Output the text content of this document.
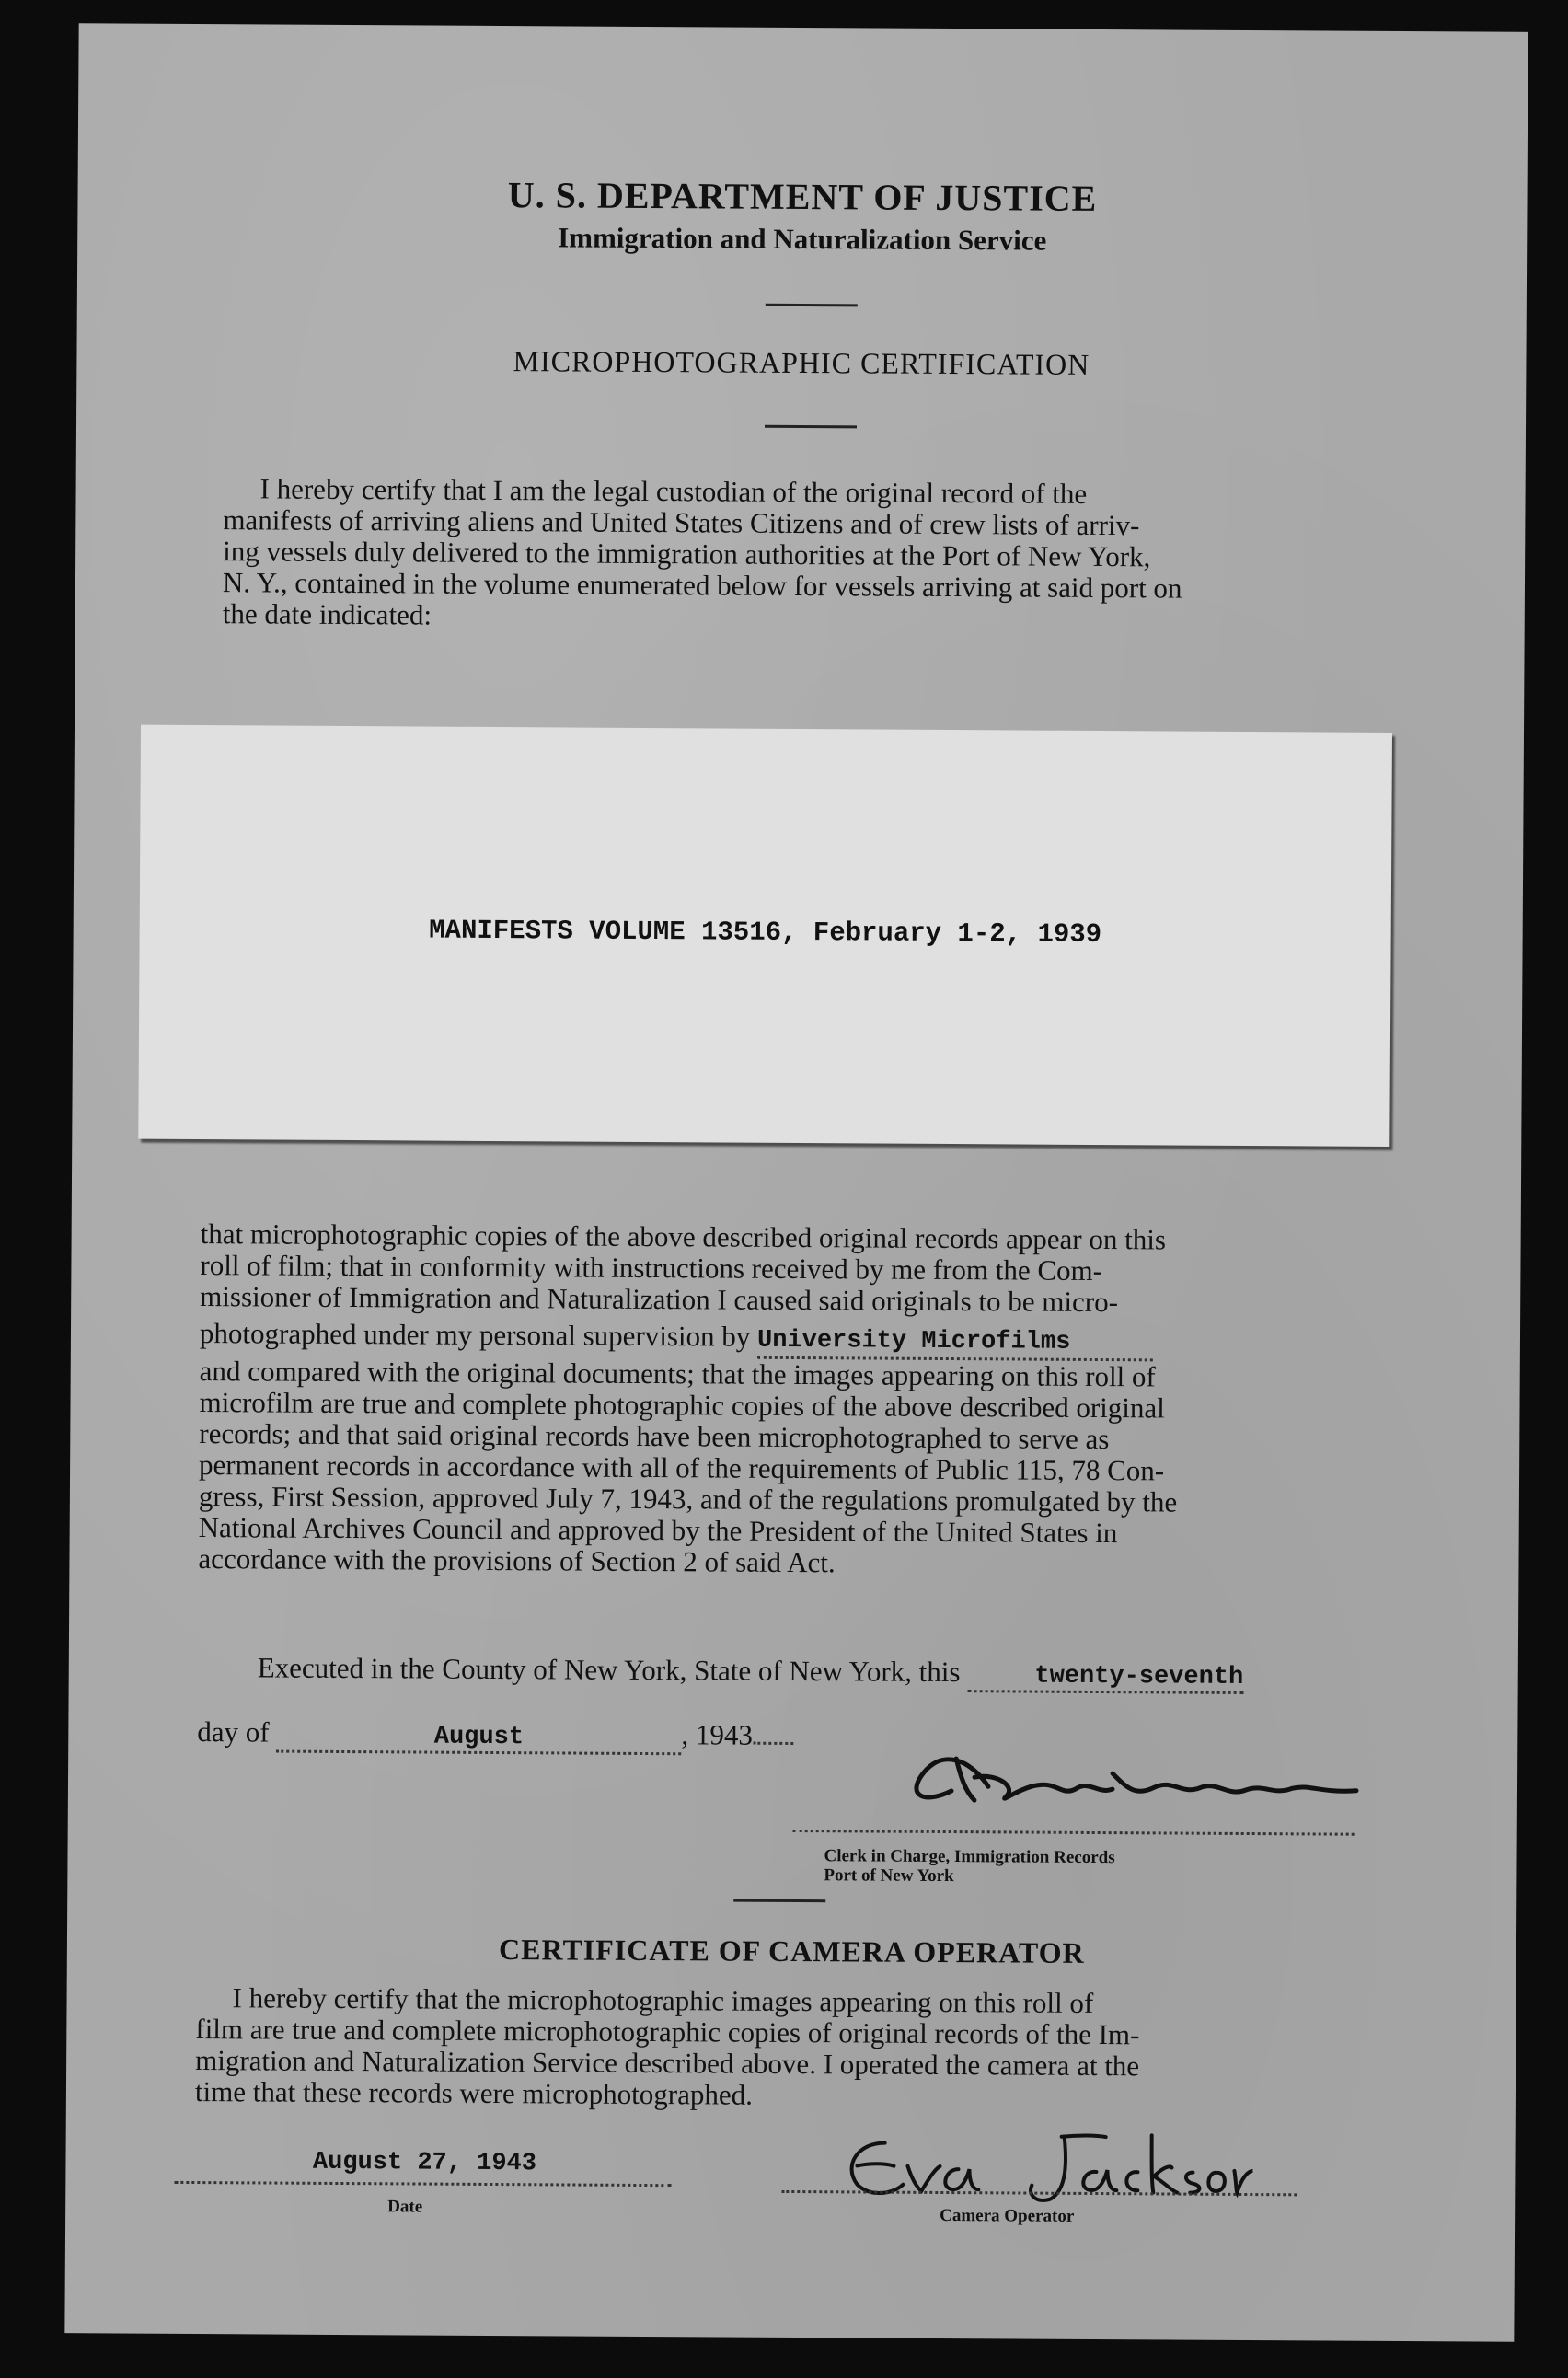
U. S. DEPARTMENT OF JUSTICE
Immigration and Naturalization Service
MICROPHOTOGRAPHIC CERTIFICATION
I hereby certify that I am the legal custodian of the original record of the
manifests of arriving aliens and United States Citizens and of crew lists of arriv-
ing vessels duly delivered to the immigration authorities at the Port of New York,
N. Y., contained in the volume enumerated below for vessels arriving at said port on
the date indicated:
MANIFESTS VOLUME 13516, February 1-2, 1939
that microphotographic copies of the above described original records appear on this
roll of film; that in conformity with instructions received by me from the Com-
missioner of Immigration and Naturalization I caused said originals to be micro-
photographed under my personal supervision by University Microfilms
and compared with the original documents; that the images appearing on this roll of
microfilm are true and complete photographic copies of the above described original
records; and that said original records have been microphotographed to serve as
permanent records in accordance with all of the requirements of Public 115, 78 Con-
gress, First Session, approved July 7, 1943, and of the regulations promulgated by the
National Archives Council and approved by the President of the United States in
accordance with the provisions of Section 2 of said Act.
Executed in the County of New York, State of New York, this	twenty-seventh
day of	August	, 1943
Clerk in Charge, Immigration Records
Port of New York
CERTIFICATE OF CAMERA OPERATOR
I hereby certify that the microphotographic images appearing on this roll of
film are true and complete microphotographic copies of original records of the Im-
migration and Naturalization Service described above. I operated the camera at the
time that these records were microphotographed.
August 27, 1943
Date	Camera Operator
